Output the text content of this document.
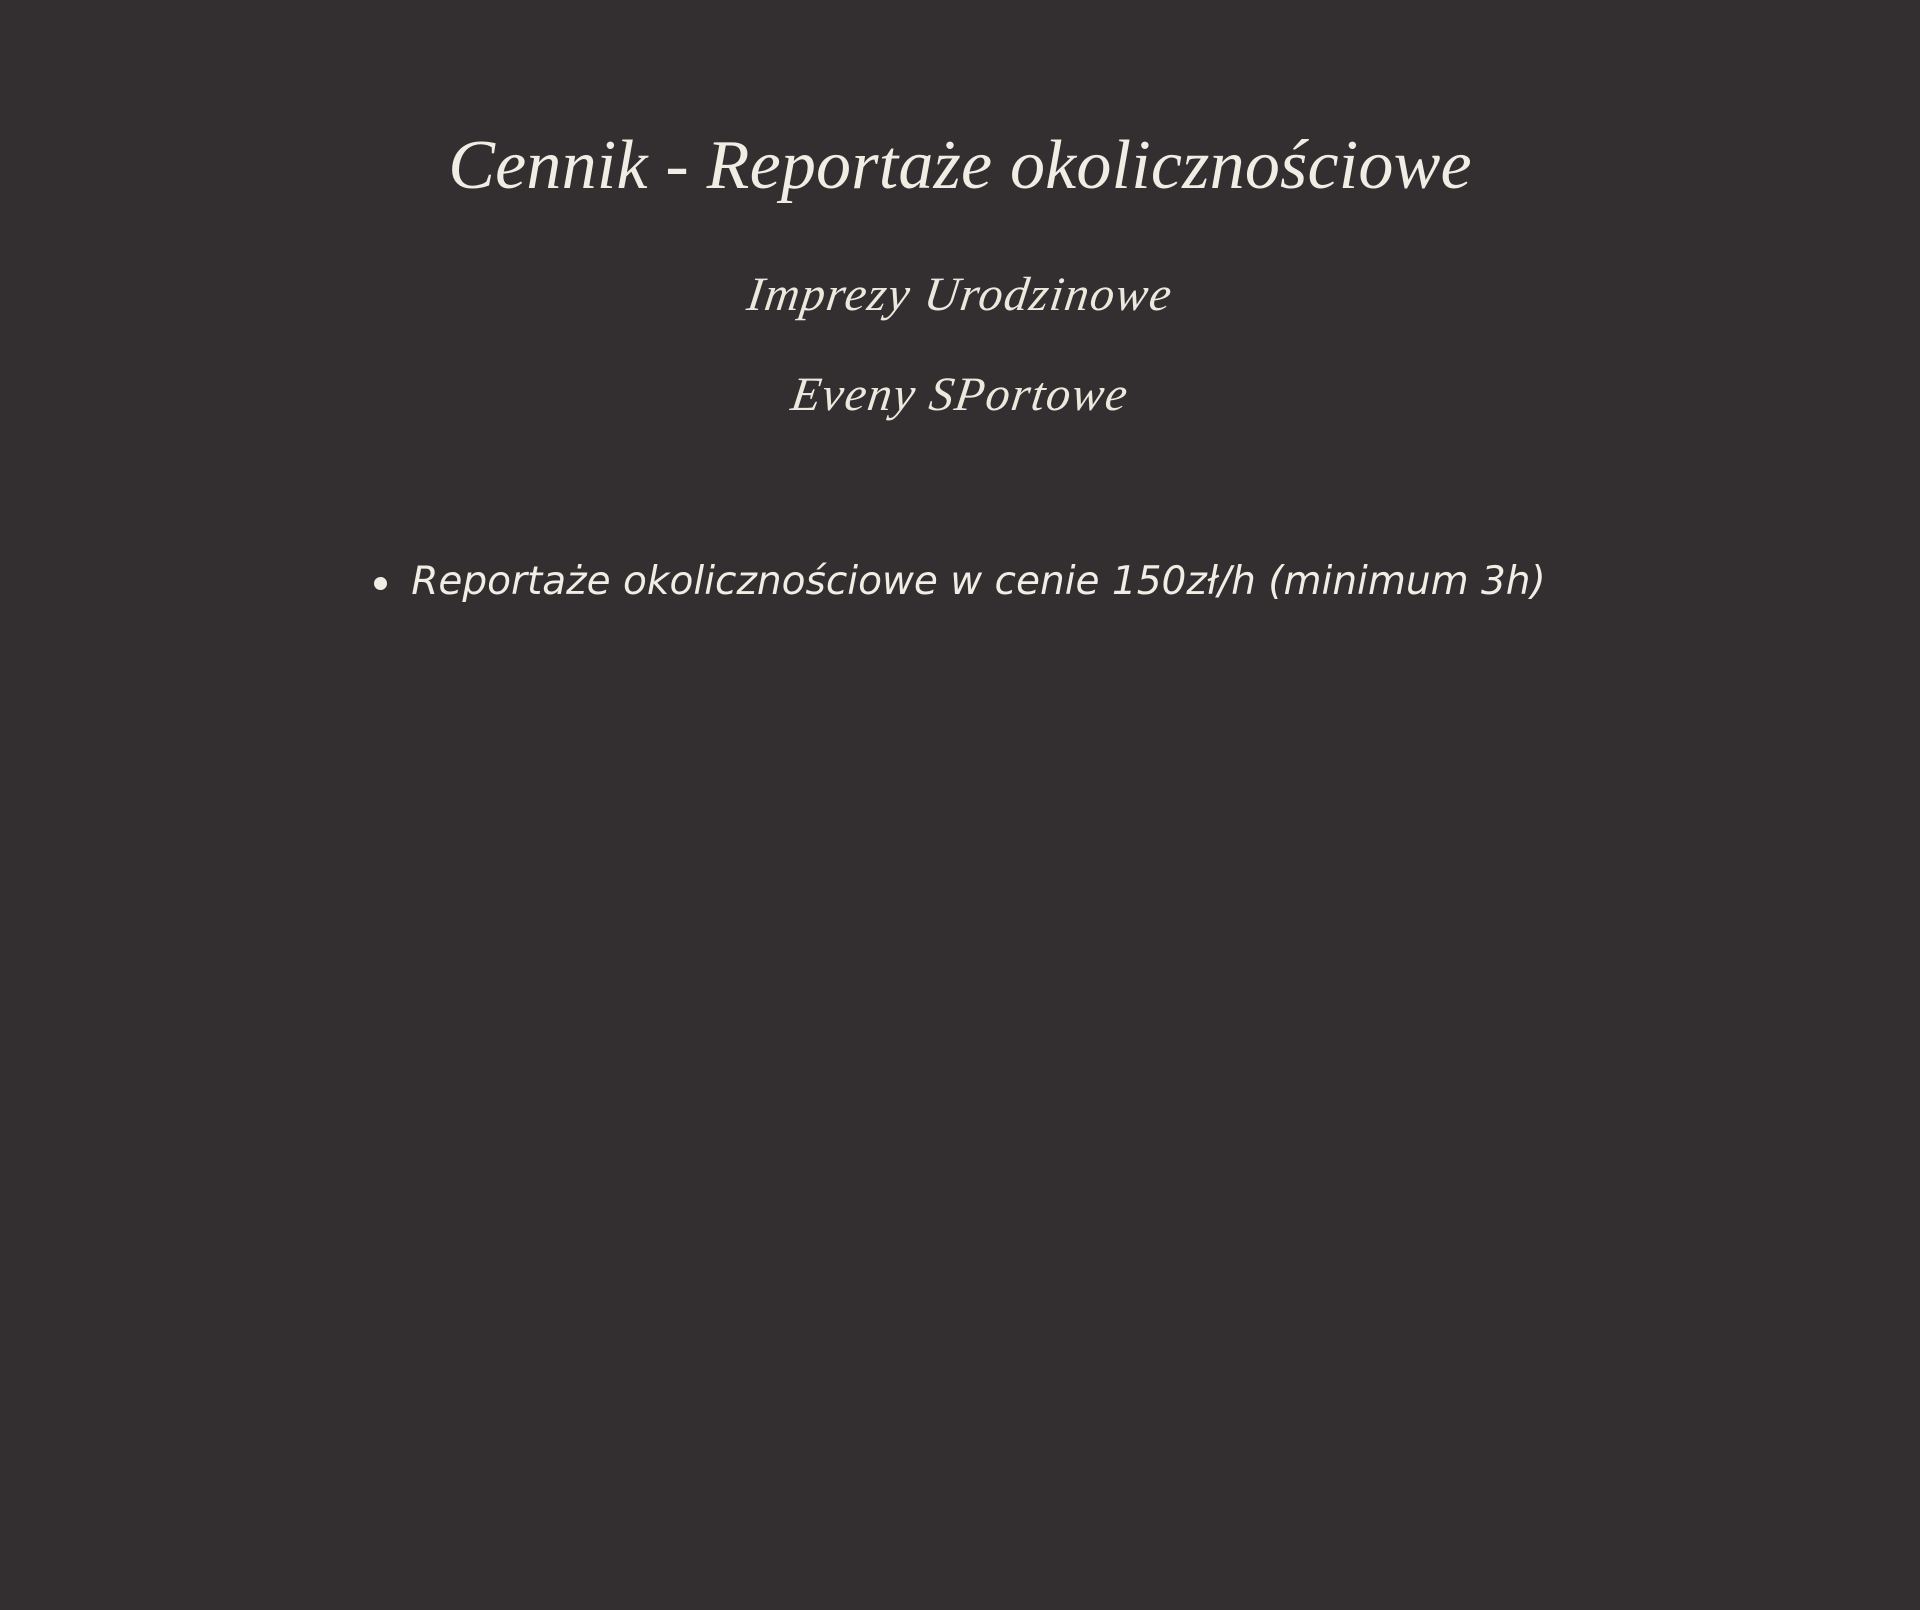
Cennik - Reportaże okolicznościowe
Imprezy Urodzinowe
Eveny SPortowe
Reportaże okolicznościowe w cenie 150zł/h (minimum 3h)
